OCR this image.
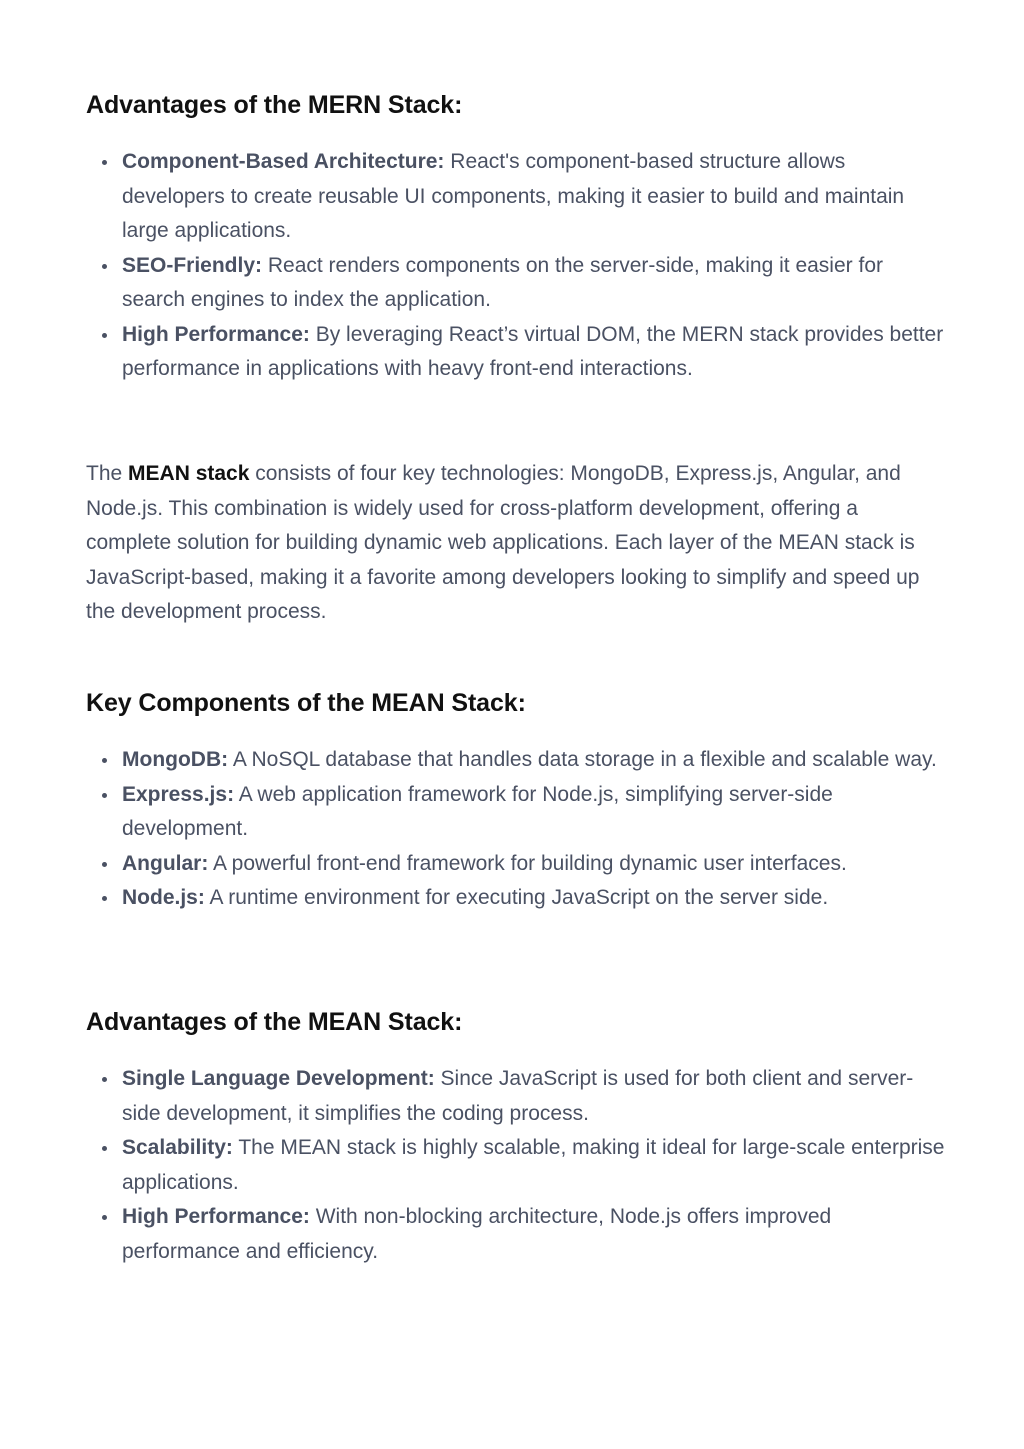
Advantages of the MERN Stack:
Component-Based Architecture: React's component-based structure allows developers to create reusable UI components, making it easier to build and maintain large applications.
SEO-Friendly: React renders components on the server-side, making it easier for search engines to index the application.
High Performance: By leveraging React’s virtual DOM, the MERN stack provides better performance in applications with heavy front-end interactions.

The MEAN stack consists of four key technologies: MongoDB, Express.js, Angular, and Node.js. This combination is widely used for cross-platform development, offering a complete solution for building dynamic web applications. Each layer of the MEAN stack is JavaScript-based, making it a favorite among developers looking to simplify and speed up the development process.

Key Components of the MEAN Stack:
MongoDB: A NoSQL database that handles data storage in a flexible and scalable way.
Express.js: A web application framework for Node.js, simplifying server-side development.
Angular: A powerful front-end framework for building dynamic user interfaces.
Node.js: A runtime environment for executing JavaScript on the server side.
Advantages of the MEAN Stack:
Single Language Development: Since JavaScript is used for both client and server-side development, it simplifies the coding process.
Scalability: The MEAN stack is highly scalable, making it ideal for large-scale enterprise applications.
High Performance: With non-blocking architecture, Node.js offers improved performance and efficiency.
